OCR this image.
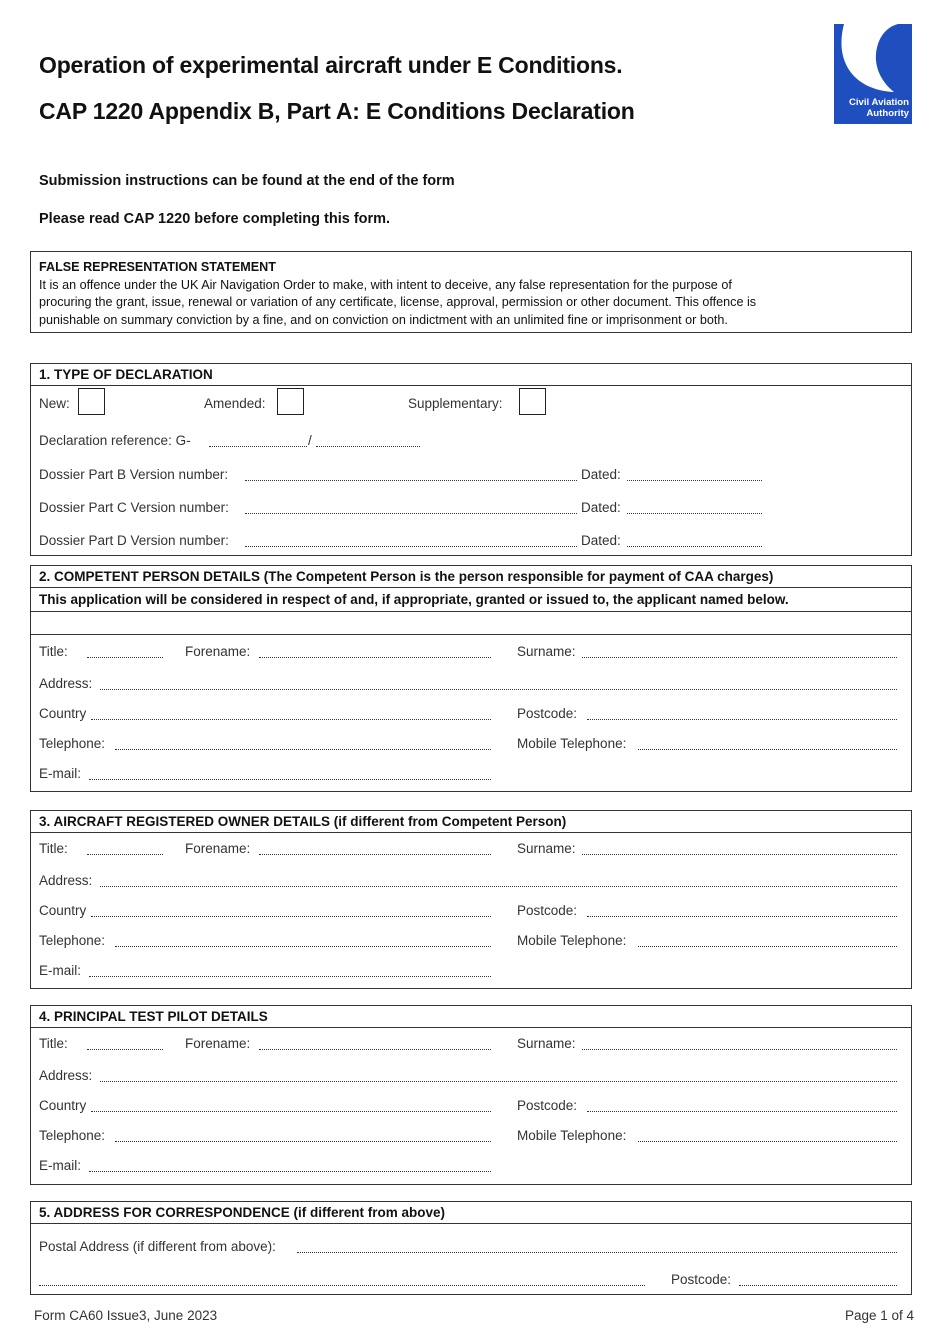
Operation of experimental aircraft under E Conditions.
CAP 1220 Appendix B, Part A: E Conditions Declaration	Civil Aviation
Authority
Submission instructions can be found at the end of the form
Please read CAP 1220 before completing this form.
FALSE REPRESENTATION STATEMENT
It is an offence under the UK Air Navigation Order to make, with intent to deceive, any false representation for the purpose of
procuring the grant, issue, renewal or variation of any certificate, license, approval, permission or other document. This offence is
punishable on summary conviction by a fine, and on conviction on indictment with an unlimited fine or imprisonment or both.
1. TYPE OF DECLARATION
New:	Amended:	Supplementary:
Declaration reference: G-	/
Dossier Part B Version number:	Dated:
Dossier Part C Version number:	Dated:
Dossier Part D Version number:	Dated:
2. COMPETENT PERSON DETAILS (The Competent Person is the person responsible for payment of CAA charges)
This application will be considered in respect of and, if appropriate, granted or issued to, the applicant named below.
Title:	Forename:	Surname:
Address:
Country	Postcode:
Telephone:	Mobile Telephone:
E-mail:
3. AIRCRAFT REGISTERED OWNER DETAILS (if different from Competent Person)
Title:	Forename:	Surname:
Address:
Country	Postcode:
Telephone:	Mobile Telephone:
E-mail:
4. PRINCIPAL TEST PILOT DETAILS
Title:	Forename:	Surname:
Address:
Country	Postcode:
Telephone:	Mobile Telephone:
E-mail:
5. ADDRESS FOR CORRESPONDENCE (if different from above)
Postal Address (if different from above):
Postcode:
Form CA60 Issue3, June 2023	Page 1 of 4
